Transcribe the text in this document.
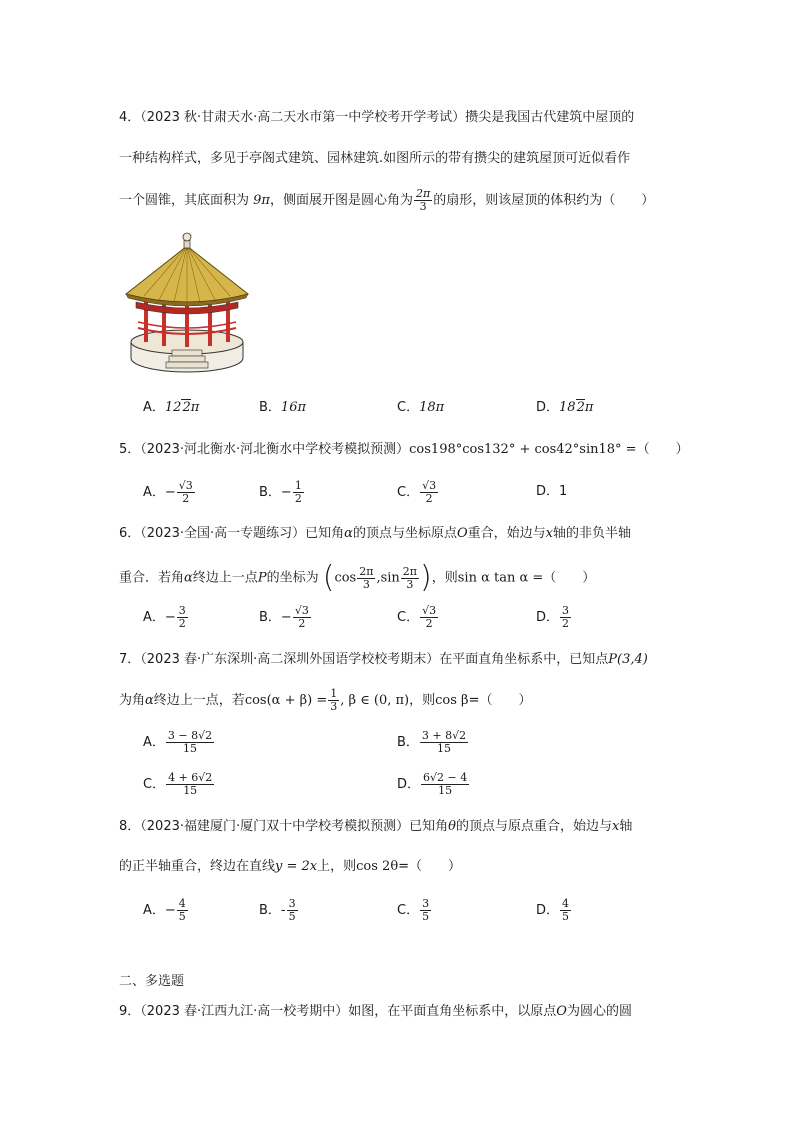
4．（2023 秋·甘肃天水·高二天水市第一中学校考开学考试）攒尖是我国古代建筑中屋顶的
一种结构样式，多见于亭阁式建筑、园林建筑.如图所示的带有攒尖的建筑屋顶可近似看作
一个圆锥，其底面积为 9π，侧面展开图是圆心角为 $\frac{2\pi}{3}$ 的扇形，则该屋顶的体积约为（　　）
A．122π	B．16π	C．18π	D．182π
5．（2023·河北衡水·河北衡水中学校考模拟预测）cos198°cos132° + cos42°sin18° =（　　）
A．− $\frac{√3}{2}$	B．− $\frac{1}{2}$	C． $\frac{√3}{2}$	D．1
6．（2023·全国·高一专题练习）已知角α的顶点与坐标原点O重合，始边与x轴的非负半轴
重合．若角α终边上一点P的坐标为 ($\cos \frac{2\pi}{3} ,\sin \frac{2\pi}{3}$ )，则sin α tan α =（　　）
A．− $\frac{3}{2}$	B．− $\frac{√3}{2}$	C． $\frac{√3}{2}$	D． $\frac{3}{2}$
7．（2023 春·广东深圳·高二深圳外国语学校校考期末）在平面直角坐标系中，已知点P(3,4)
为角α终边上一点，若$\cos(\alpha + \beta) = \frac{1}{3}$ , β ∈ (0, π)，则cos β=（　　）
A． $\frac{3 - 8√2}{15}$	B． $\frac{3 + 8√2}{15}$
C． $\frac{4 + 6√2}{15}$	D． $\frac{6√2 - 4}{15}$
8．（2023·福建厦门·厦门双十中学校考模拟预测）已知角θ的顶点与原点重合，始边与x轴
的正半轴重合，终边在直线y = 2x上，则cos 2θ=（　　）
A．− $\frac{4}{5}$	B．- $\frac{3}{5}$	C． $\frac{3}{5}$	D． $\frac{4}{5}$
二、多选题
9．（2023 春·江西九江·高一校考期中）如图，在平面直角坐标系中，以原点O为圆心的圆
